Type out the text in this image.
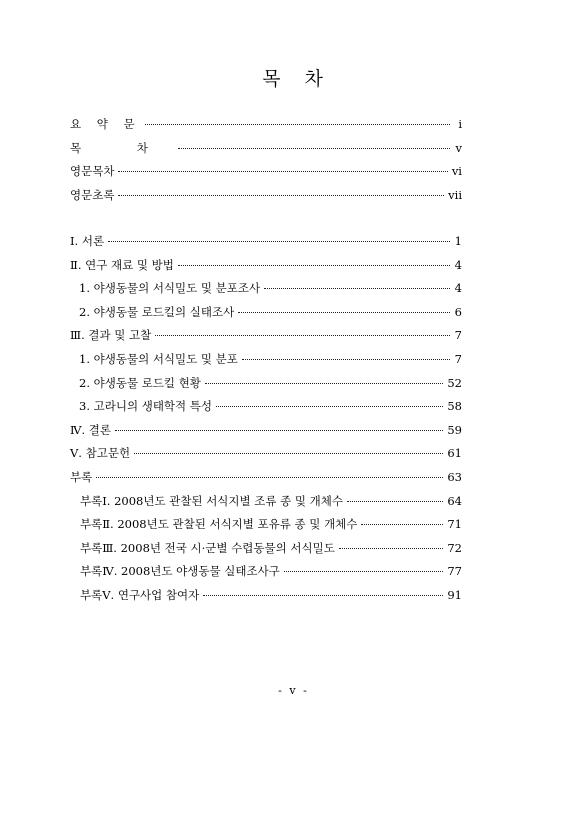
목 차
요 약 문	i
목 차	v
영문목차	vi
영문초록	vii
Ⅰ. 서론	1
Ⅱ. 연구 재료 및 방법	4
1. 야생동물의 서식밀도 및 분포조사	4
2. 야생동물 로드킬의 실태조사	6
Ⅲ. 결과 및 고찰	7
1. 야생동물의 서식밀도 및 분포	7
2. 야생동물 로드킬 현황	52
3. 고라니의 생태학적 특성	58
Ⅳ. 결론	59
Ⅴ. 참고문헌	61
부록	63
부록Ⅰ. 2008년도 관찰된 서식지별 조류 종 및 개체수	64
부록Ⅱ. 2008년도 관찰된 서식지별 포유류 종 및 개체수	71
부록Ⅲ. 2008년 전국 시·군별 수렵동물의 서식밀도	72
부록Ⅳ. 2008년도 야생동물 실태조사구	77
부록Ⅴ. 연구사업 참여자	91
- v -
